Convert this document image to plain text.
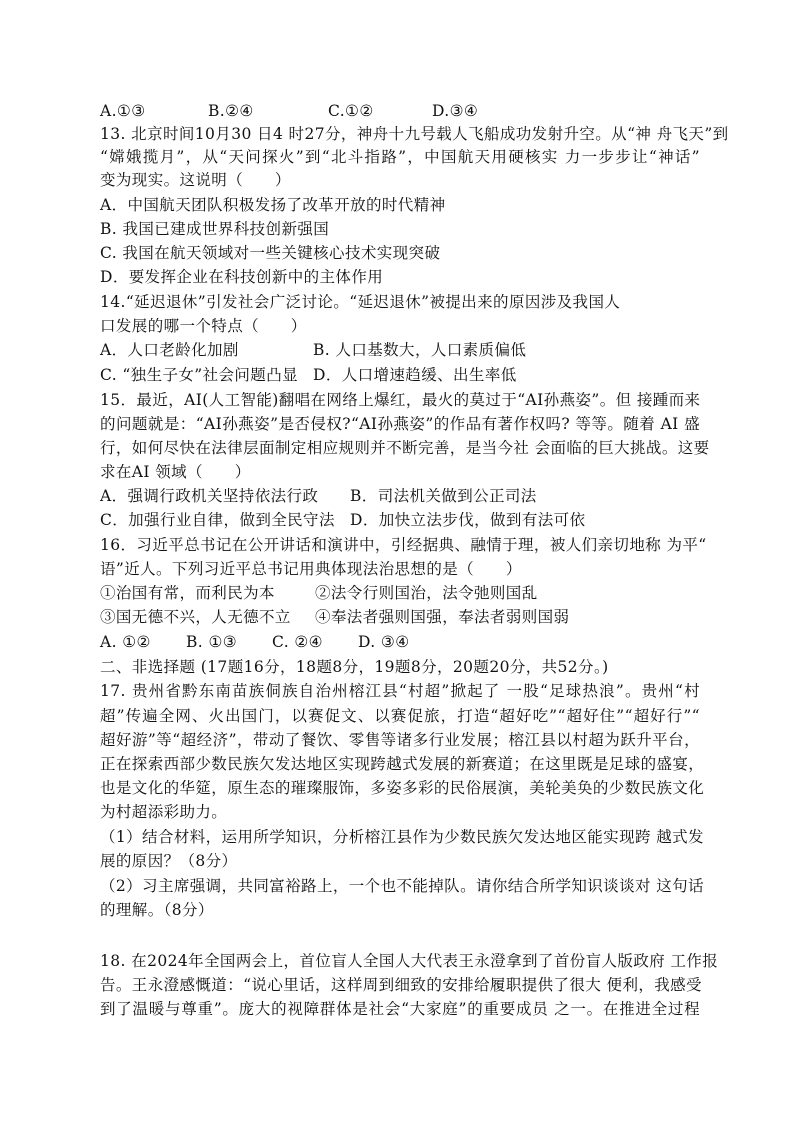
A.①③	B.②④	C.①②	D.③④
13. 北京时间10月30 日4 时27分，神舟十九号载人飞船成功发射升空。从“神 舟飞天”到
“嫦娥揽月”，从“天问探火”到“北斗指路”，中国航天用硬核实 力一步步让“神话”
变为现实。这说明（　　）
A．中国航天团队积极发扬了改革开放的时代精神
B. 我国已建成世界科技创新强国
C. 我国在航天领域对一些关键核心技术实现突破
D．要发挥企业在科技创新中的主体作用
14.“延迟退休”引发社会广泛讨论。“延迟退休”被提出来的原因涉及我国人
口发展的哪一个特点（　　）
A．人口老龄化加剧	B. 人口基数大，人口素质偏低
C. “独生子女”社会问题凸显 D．人口增速趋缓、出生率低
15．最近，AI(人工智能)翻唱在网络上爆红，最火的莫过于“AI孙燕姿”。但 接踵而来
的问题就是：“AI孙燕姿”是否侵权?“AI孙燕姿”的作品有著作权吗? 等等。随着 AI 盛
行，如何尽快在法律层面制定相应规则并不断完善，是当今社 会面临的巨大挑战。这要
求在AI 领域（　　）
A．强调行政机关坚持依法行政	B．司法机关做到公正司法
C．加强行业自律，做到全民守法 D．加快立法步伐，做到有法可依
16．习近平总书记在公开讲话和演讲中，引经据典、融情于理，被人们亲切地称 为平“
语”近人。下列习近平总书记用典体现法治思想的是（　　）
①治国有常，而利民为本	②法令行则国治，法令弛则国乱
③国无德不兴，人无德不立	④奉法者强则国强，奉法者弱则国弱
A. ①②	B. ①③	C. ②④	D. ③④
二、非选择题 (17题16分，18题8分，19题8分，20题20分，共52分。)
17. 贵州省黔东南苗族侗族自治州榕江县“村超”掀起了 一股“足球热浪”。贵州“村
超”传遍全网、火出国门，以赛促文、以赛促旅，打造“超好吃”“超好住”“超好行”“
超好游”等“超经济”，带动了餐饮、零售等诸多行业发展；榕江县以村超为跃升平台，
正在探索西部少数民族欠发达地区实现跨越式发展的新赛道；在这里既是足球的盛宴，
也是文化的华筵，原生态的璀璨服饰，多姿多彩的民俗展演，美轮美奂的少数民族文化
为村超添彩助力。
（1）结合材料，运用所学知识，分析榕江县作为少数民族欠发达地区能实现跨 越式发
展的原因？（8分）
（2）习主席强调，共同富裕路上，一个也不能掉队。请你结合所学知识谈谈对 这句话
的理解。（8分）
18. 在2024年全国两会上，首位盲人全国人大代表王永澄拿到了首份盲人版政府 工作报
告。王永澄感慨道：“说心里话，这样周到细致的安排给履职提供了很大 便利，我感受
到了温暖与尊重”。庞大的视障群体是社会“大家庭”的重要成员 之一。在推进全过程
